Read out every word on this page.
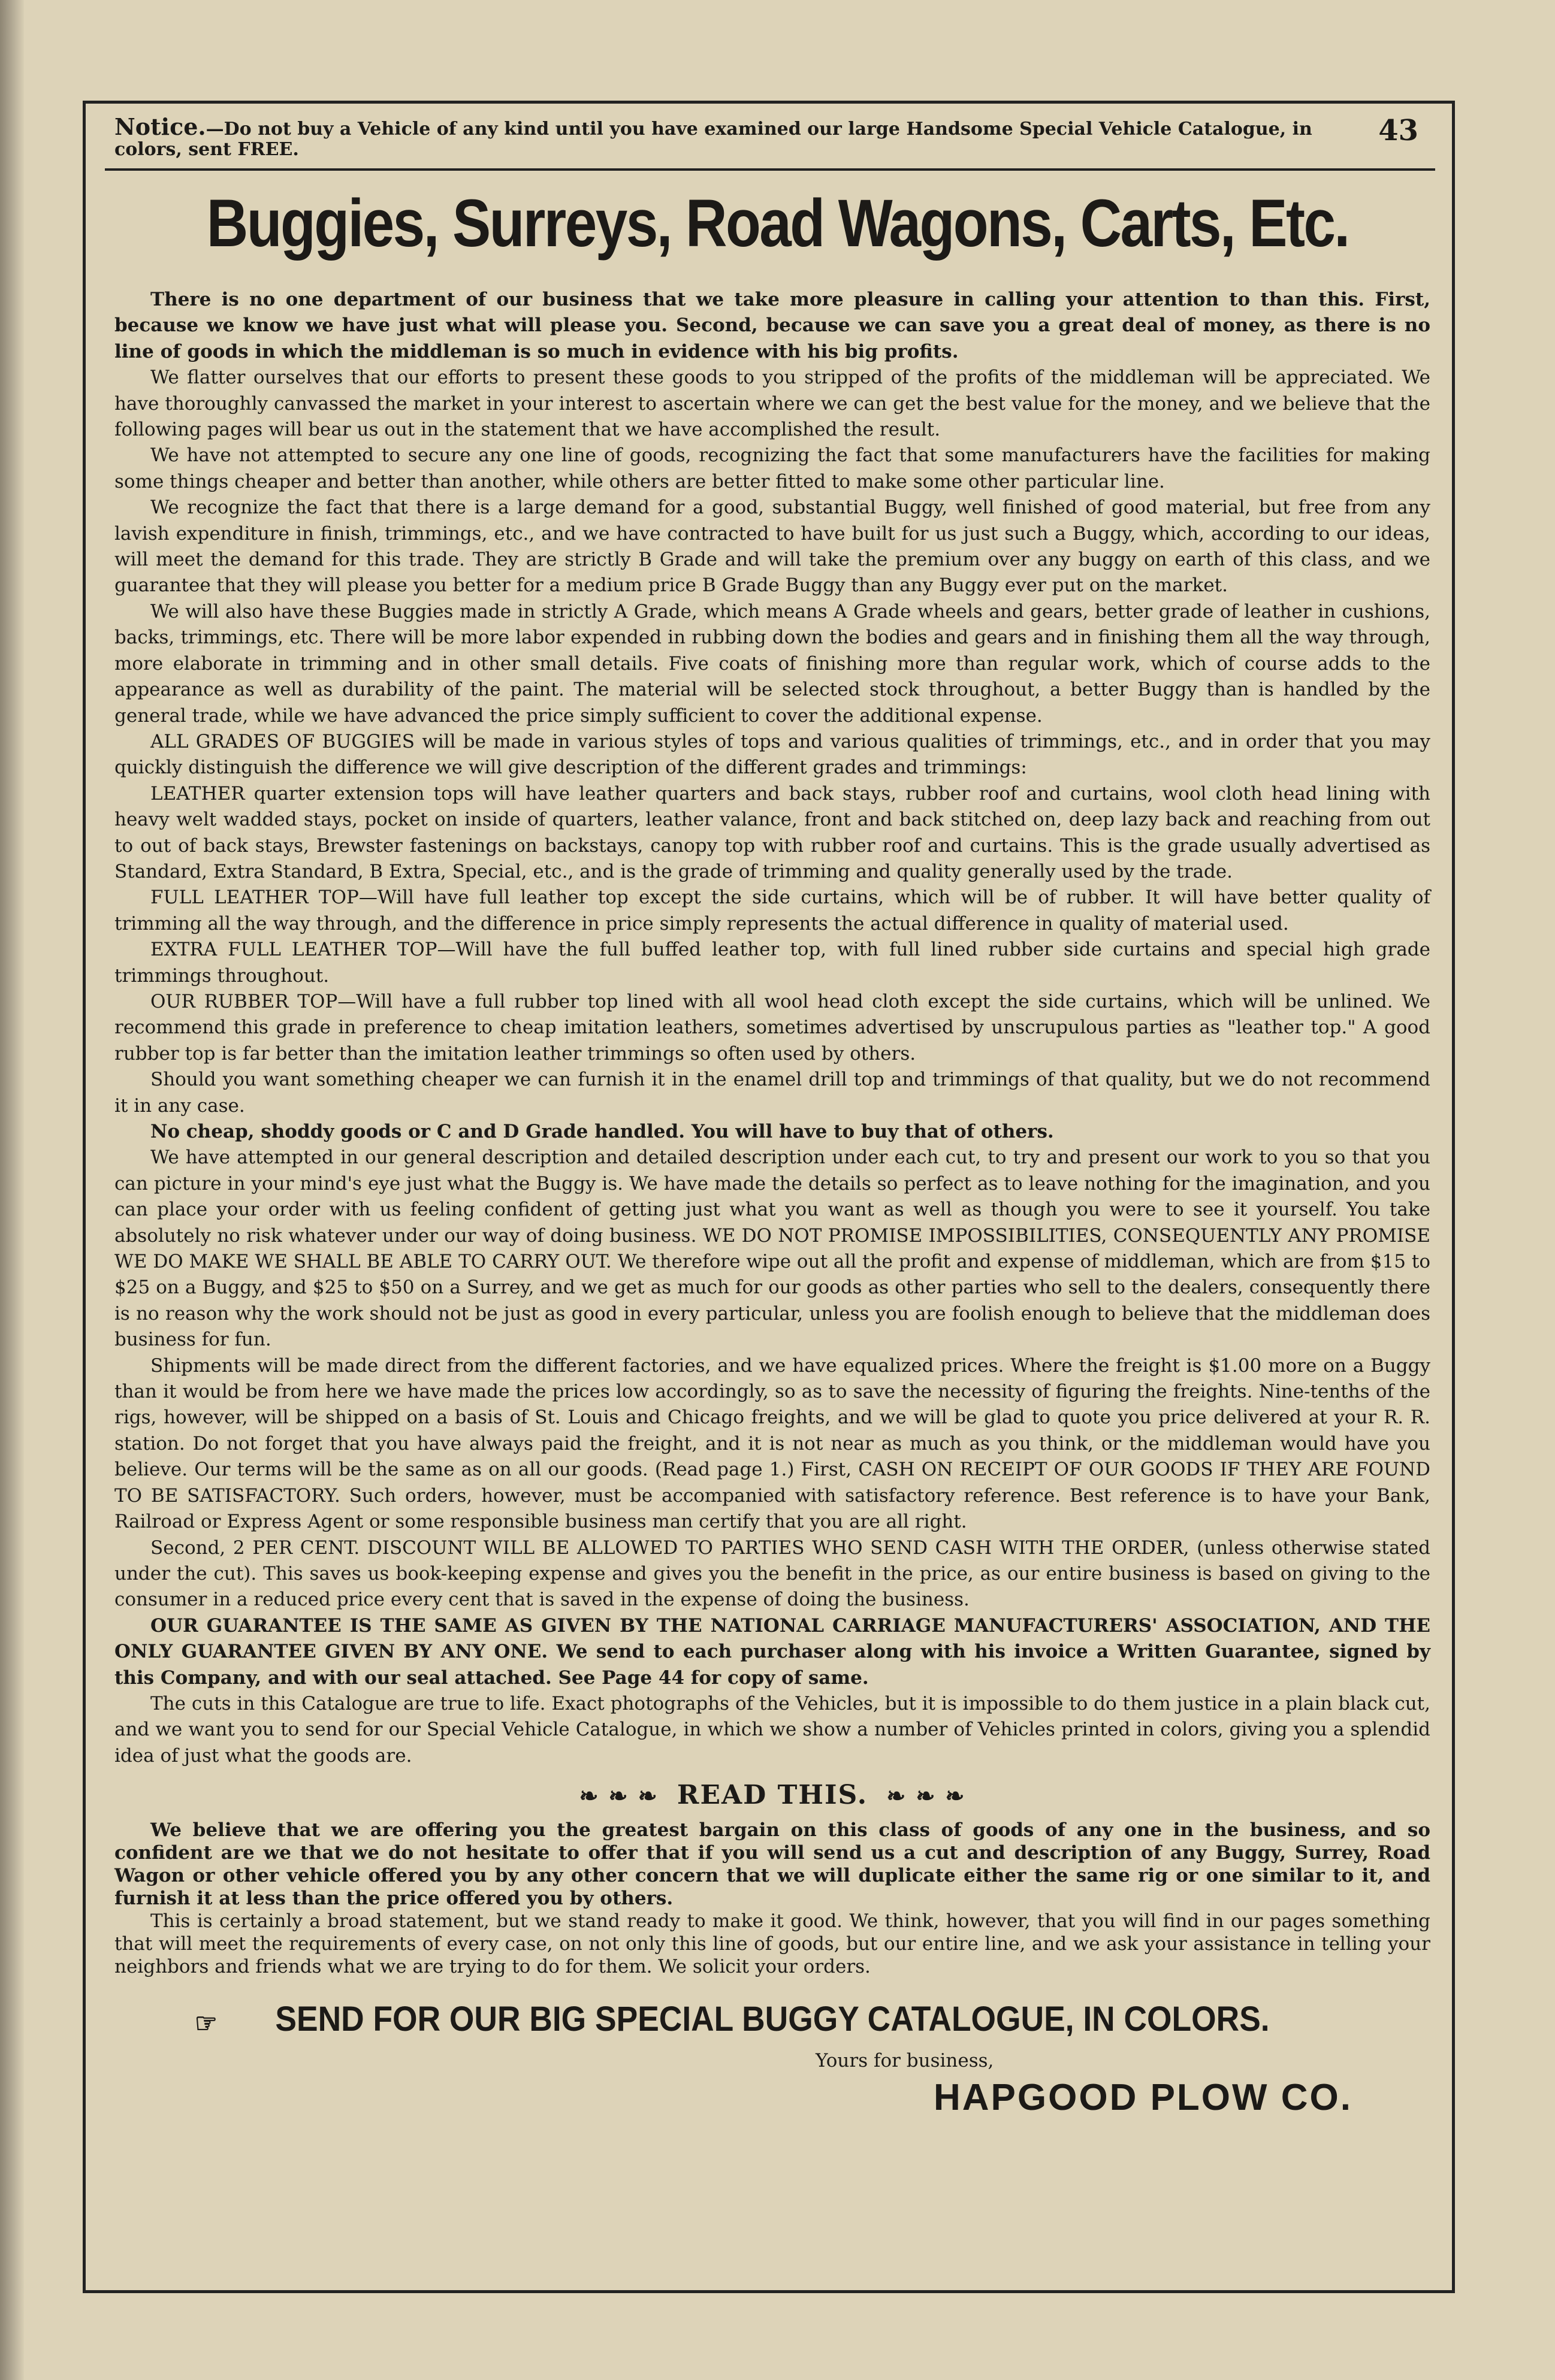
Notice.—Do not buy a Vehicle of any kind until you have examined our large Handsome Special Vehicle Catalogue, in colors, sent FREE.
43
Buggies, Surreys, Road Wagons, Carts, Etc.

There is no one department of our business that we take more pleasure in calling your attention to than this. First, because we know we have just what will please you. Second, because we can save you a great deal of money, as there is no line of goods in which the middleman is so much in evidence with his big profits.

We flatter ourselves that our efforts to present these goods to you stripped of the profits of the middleman will be appreciated. We have thoroughly canvassed the market in your interest to ascertain where we can get the best value for the money, and we believe that the following pages will bear us out in the statement that we have accomplished the result.

We have not attempted to secure any one line of goods, recognizing the fact that some manufacturers have the facilities for making some things cheaper and better than another, while others are better fitted to make some other particular line.

We recognize the fact that there is a large demand for a good, substantial Buggy, well finished of good material, but free from any lavish expenditure in finish, trimmings, etc., and we have contracted to have built for us just such a Buggy, which, according to our ideas, will meet the demand for this trade. They are strictly B Grade and will take the premium over any buggy on earth of this class, and we guarantee that they will please you better for a medium price B Grade Buggy than any Buggy ever put on the market.

We will also have these Buggies made in strictly A Grade, which means A Grade wheels and gears, better grade of leather in cushions, backs, trimmings, etc. There will be more labor expended in rubbing down the bodies and gears and in finishing them all the way through, more elaborate in trimming and in other small details. Five coats of finishing more than regular work, which of course adds to the appearance as well as durability of the paint. The material will be selected stock throughout, a better Buggy than is handled by the general trade, while we have advanced the price simply sufficient to cover the additional expense.

ALL GRADES OF BUGGIES will be made in various styles of tops and various qualities of trimmings, etc., and in order that you may quickly distinguish the difference we will give description of the different grades and trimmings:

LEATHER quarter extension tops will have leather quarters and back stays, rubber roof and curtains, wool cloth head lining with heavy welt wadded stays, pocket on inside of quarters, leather valance, front and back stitched on, deep lazy back and reaching from out to out of back stays, Brewster fastenings on backstays, canopy top with rubber roof and curtains. This is the grade usually advertised as Standard, Extra Standard, B Extra, Special, etc., and is the grade of trimming and quality generally used by the trade.

FULL LEATHER TOP—Will have full leather top except the side curtains, which will be of rubber. It will have better quality of trimming all the way through, and the difference in price simply represents the actual difference in quality of material used.

EXTRA FULL LEATHER TOP—Will have the full buffed leather top, with full lined rubber side curtains and special high grade trimmings throughout.

OUR RUBBER TOP—Will have a full rubber top lined with all wool head cloth except the side curtains, which will be unlined. We recommend this grade in preference to cheap imitation leathers, sometimes advertised by unscrupulous parties as "leather top." A good rubber top is far better than the imitation leather trimmings so often used by others.

Should you want something cheaper we can furnish it in the enamel drill top and trimmings of that quality, but we do not recommend it in any case.

No cheap, shoddy goods or C and D Grade handled. You will have to buy that of others.

We have attempted in our general description and detailed description under each cut, to try and present our work to you so that you can picture in your mind's eye just what the Buggy is. We have made the details so perfect as to leave nothing for the imagination, and you can place your order with us feeling confident of getting just what you want as well as though you were to see it yourself. You take absolutely no risk whatever under our way of doing business. WE DO NOT PROMISE IMPOSSIBILITIES, CONSEQUENTLY ANY PROMISE WE DO MAKE WE SHALL BE ABLE TO CARRY OUT. We therefore wipe out all the profit and expense of middleman, which are from $15 to $25 on a Buggy, and $25 to $50 on a Surrey, and we get as much for our goods as other parties who sell to the dealers, consequently there is no reason why the work should not be just as good in every particular, unless you are foolish enough to believe that the middleman does business for fun.

Shipments will be made direct from the different factories, and we have equalized prices. Where the freight is $1.00 more on a Buggy than it would be from here we have made the prices low accordingly, so as to save the necessity of figuring the freights. Nine-tenths of the rigs, however, will be shipped on a basis of St. Louis and Chicago freights, and we will be glad to quote you price delivered at your R. R. station. Do not forget that you have always paid the freight, and it is not near as much as you think, or the middleman would have you believe. Our terms will be the same as on all our goods. (Read page 1.) First, CASH ON RECEIPT OF OUR GOODS IF THEY ARE FOUND TO BE SATISFACTORY. Such orders, however, must be accompanied with satisfactory reference. Best reference is to have your Bank, Railroad or Express Agent or some responsible business man certify that you are all right.

Second, 2 PER CENT. DISCOUNT WILL BE ALLOWED TO PARTIES WHO SEND CASH WITH THE ORDER, (unless otherwise stated under the cut). This saves us book-keeping expense and gives you the benefit in the price, as our entire business is based on giving to the consumer in a reduced price every cent that is saved in the expense of doing the business.

OUR GUARANTEE IS THE SAME AS GIVEN BY THE NATIONAL CARRIAGE MANUFACTURERS' ASSOCIATION, AND THE ONLY GUARANTEE GIVEN BY ANY ONE. We send to each purchaser along with his invoice a Written Guarantee, signed by this Company, and with our seal attached. See Page 44 for copy of same.

The cuts in this Catalogue are true to life. Exact photographs of the Vehicles, but it is impossible to do them justice in a plain black cut, and we want you to send for our Special Vehicle Catalogue, in which we show a number of Vehicles printed in colors, giving you a splendid idea of just what the goods are.

❧ ❧ ❧ READ THIS. ❧ ❧ ❧

We believe that we are offering you the greatest bargain on this class of goods of any one in the business, and so confident are we that we do not hesitate to offer that if you will send us a cut and description of any Buggy, Surrey, Road Wagon or other vehicle offered you by any other concern that we will duplicate either the same rig or one similar to it, and furnish it at less than the price offered you by others.

This is certainly a broad statement, but we stand ready to make it good. We think, however, that you will find in our pages something that will meet the requirements of every case, on not only this line of goods, but our entire line, and we ask your assistance in telling your neighbors and friends what we are trying to do for them. We solicit your orders.

☞ SEND FOR OUR BIG SPECIAL BUGGY CATALOGUE, IN COLORS.
Yours for business,
HAPGOOD PLOW CO.
